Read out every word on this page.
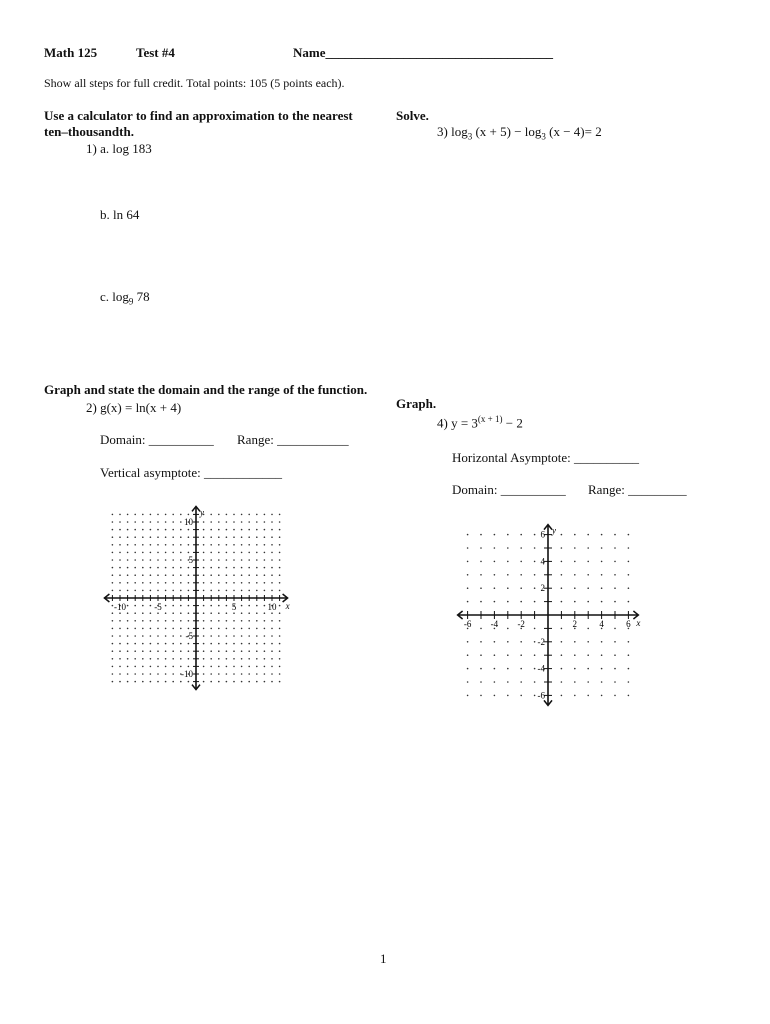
Math 125	Test #4	Name___________________________________
Show all steps for full credit. Total points: 105 (5 points each).
Use a calculator to find an approximation to the nearest
ten–thousandth.
1) a. log 183
b. ln 64
c. $\log_9 78$
Solve.
3) $\log_3 (x + 5) - \log_3 (x - 4)= 2$
Graph and state the domain and the range of the function.
2) g(x) = ln(x + 4)
Domain: __________ Range: ___________
Vertical asymptote: ____________
Graph.
4) $y = 3^{(x + 1)} - 2$
Horizontal Asymptote: __________
Domain: __________ Range: _________
-10	-5	5	10
10
5
-5
-10
x
y
-6 -4 -2	2 4 6
6
4
2
-2
-4
-6
x
y
1
